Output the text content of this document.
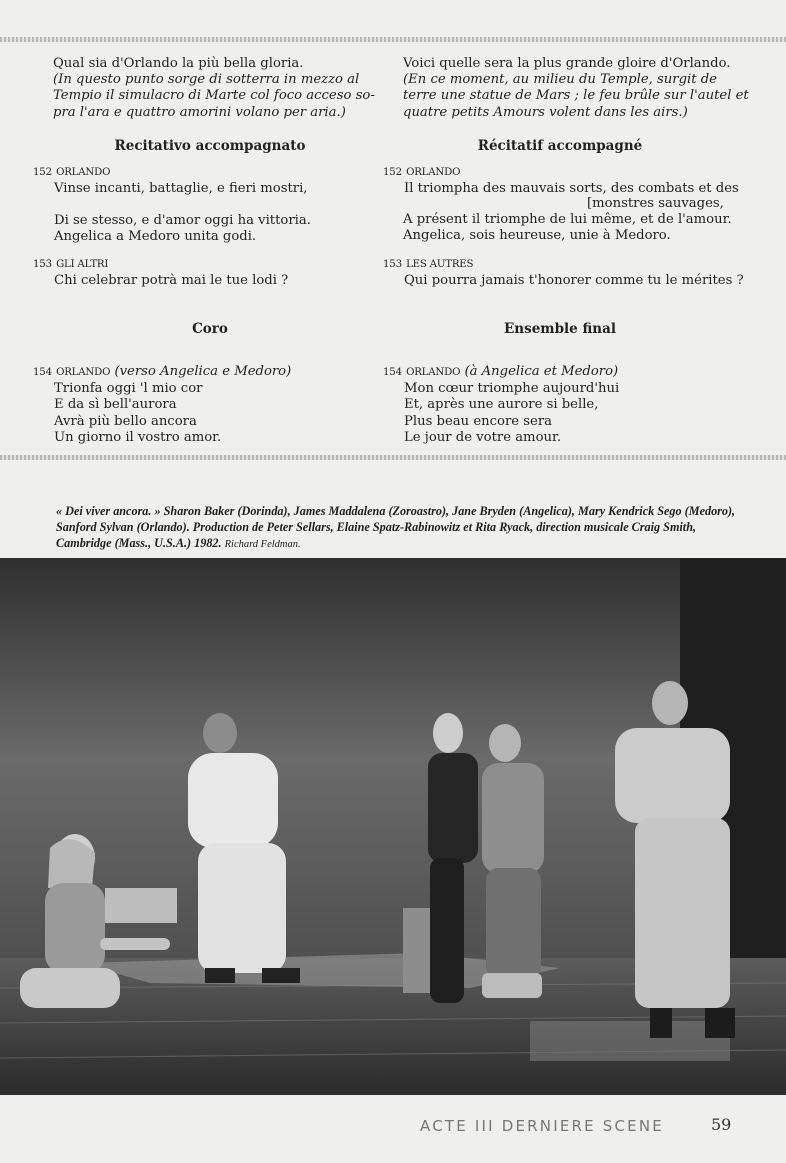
Qual sia d'Orlando la più bella gloria.
(In questo punto sorge di sotterra in mezzo al
Tempio il simulacro di Marte col foco acceso so-
pra l'ara e quattro amorini volano per aria.)
Recitativo accompagnato
152 ORLANDO
Vinse incanti, battaglie, e fieri mostri,
Di se stesso, e d'amor oggi ha vittoria.
Angelica a Medoro unita godi.
153 GLI ALTRI
Chi celebrar potrà mai le tue lodi ?
Coro
154 ORLANDO (verso Angelica e Medoro)
Trionfa oggi 'l mio cor
E da sì bell'aurora
Avrà più bello ancora
Un giorno il vostro amor.
Voici quelle sera la plus grande gloire d'Orlando.
(En ce moment, au milieu du Temple, surgit de
terre une statue de Mars ; le feu brûle sur l'autel et
quatre petits Amours volent dans les airs.)
Récitatif accompagné
152 ORLANDO
Il triompha des mauvais sorts, des combats et des
[monstres sauvages,
A présent il triomphe de lui même, et de l'amour.
Angelica, sois heureuse, unie à Medoro.
153 LES AUTRES
Qui pourra jamais t'honorer comme tu le mérites ?
Ensemble final
154 ORLANDO (à Angelica et Medoro)
Mon cœur triomphe aujourd'hui
Et, après une aurore si belle,
Plus beau encore sera
Le jour de votre amour.
« Dei viver ancora. » Sharon Baker (Dorinda), James Maddalena (Zoroastro), Jane Bryden (Angelica), Mary Kendrick Sego (Medoro), Sanford Sylvan (Orlando). Production de Peter Sellars, Elaine Spatz-Rabinowitz et Rita Ryack, direction musicale Craig Smith, Cambridge (Mass., U.S.A.) 1982. Richard Feldman.
ACTE III DERNIERE SCENE	59
